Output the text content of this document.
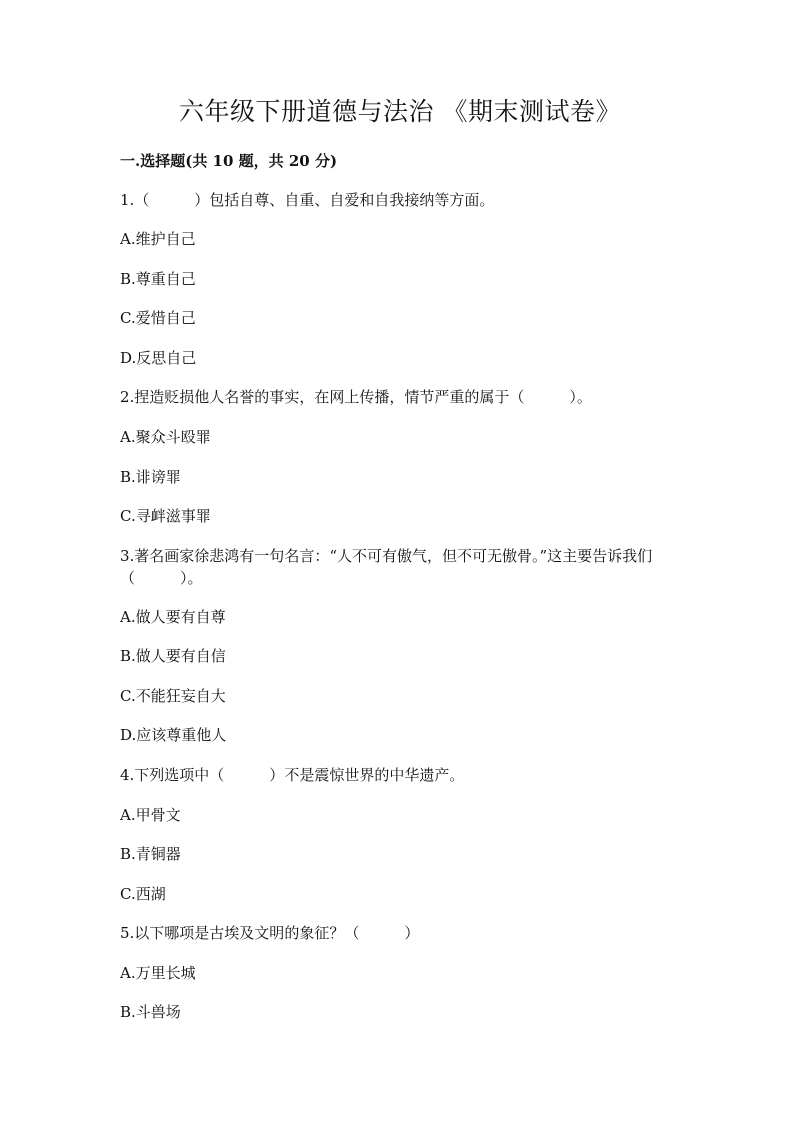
六年级下册道德与法治 《期末测试卷》
一.选择题(共 10 题，共 20 分)
1.（　　　）包括自尊、自重、自爱和自我接纳等方面。
A.维护自己
B.尊重自己
C.爱惜自己
D.反思自己
2.捏造贬损他人名誉的事实，在网上传播，情节严重的属于（　　　）。
A.聚众斗殴罪
B.诽谤罪
C.寻衅滋事罪
3.著名画家徐悲鸿有一句名言：“人不可有傲气，但不可无傲骨。”这主要告诉我们（　　　）。
A.做人要有自尊
B.做人要有自信
C.不能狂妄自大
D.应该尊重他人
4.下列选项中（　　　）不是震惊世界的中华遗产。
A.甲骨文
B.青铜器
C.西湖
5.以下哪项是古埃及文明的象征？（　　　）
A.万里长城
B.斗兽场
